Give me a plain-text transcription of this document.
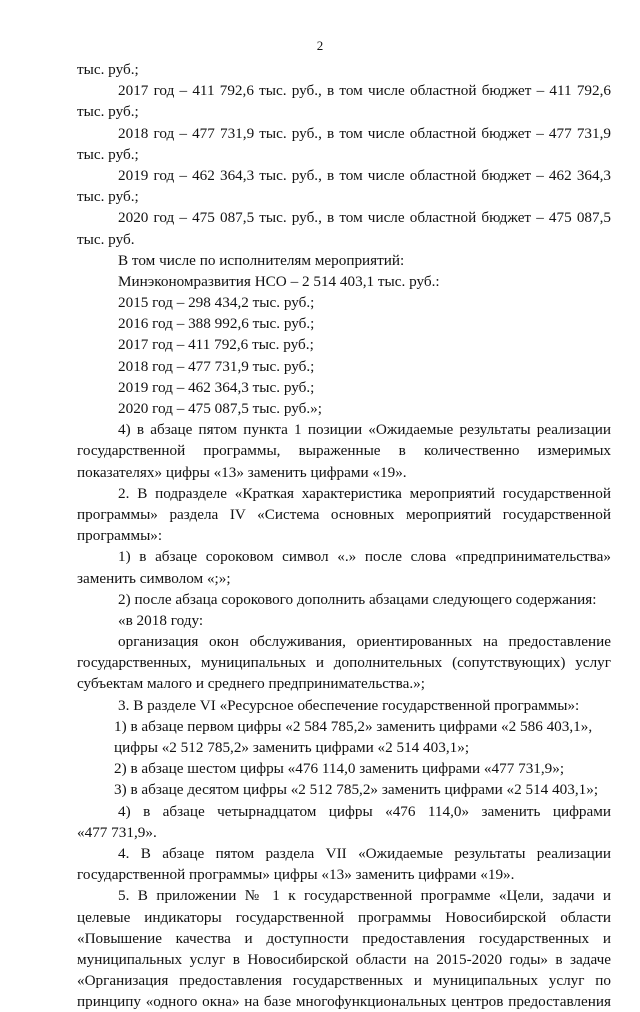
2
тыс. руб.;
2017 год – 411 792,6 тыс. руб., в том числе областной бюджет – 411 792,6
тыс. руб.;
2018 год – 477 731,9 тыс. руб., в том числе областной бюджет – 477 731,9
тыс. руб.;
2019 год – 462 364,3 тыс. руб., в том числе областной бюджет – 462 364,3
тыс. руб.;
2020 год – 475 087,5 тыс. руб., в том числе областной бюджет – 475 087,5
тыс. руб.
В том числе по исполнителям мероприятий:
Минэкономразвития НСО – 2 514 403,1 тыс. руб.:
2015 год – 298 434,2 тыс. руб.;
2016 год – 388 992,6 тыс. руб.;
2017 год – 411 792,6 тыс. руб.;
2018 год – 477 731,9 тыс. руб.;
2019 год – 462 364,3 тыс. руб.;
2020 год – 475 087,5 тыс. руб.»;
4) в абзаце пятом пункта 1 позиции «Ожидаемые результаты реализации
государственной программы, выраженные в количественно измеримых
показателях» цифры «13» заменить цифрами «19».
2. В подразделе «Краткая характеристика мероприятий государственной
программы» раздела IV «Система основных мероприятий государственной
программы»:
1) в абзаце сороковом символ «.» после слова «предпринимательства»
заменить символом «;»;
2) после абзаца сорокового дополнить абзацами следующего содержания:
«в 2018 году:
организация окон обслуживания, ориентированных на предоставление
государственных, муниципальных и дополнительных (сопутствующих) услуг
субъектам малого и среднего предпринимательства.»;
3. В разделе VI «Ресурсное обеспечение государственной программы»:
1) в абзаце первом цифры «2 584 785,2» заменить цифрами «2 586 403,1»,
цифры «2 512 785,2» заменить цифрами «2 514 403,1»;
2) в абзаце шестом цифры «476 114,0 заменить цифрами «477 731,9»;
3) в абзаце десятом цифры «2 512 785,2» заменить цифрами «2 514 403,1»;
4) в абзаце четырнадцатом цифры «476 114,0» заменить цифрами
«477 731,9».
4. В абзаце пятом раздела VII «Ожидаемые результаты реализации
государственной программы» цифры «13» заменить цифрами «19».
5. В приложении № 1 к государственной программе «Цели, задачи и
целевые индикаторы государственной программы Новосибирской области
«Повышение качества и доступности предоставления государственных и
муниципальных услуг в Новосибирской области на 2015-2020 годы» в задаче
«Организация предоставления государственных и муниципальных услуг по
принципу «одного окна» на базе многофункциональных центров предоставления
